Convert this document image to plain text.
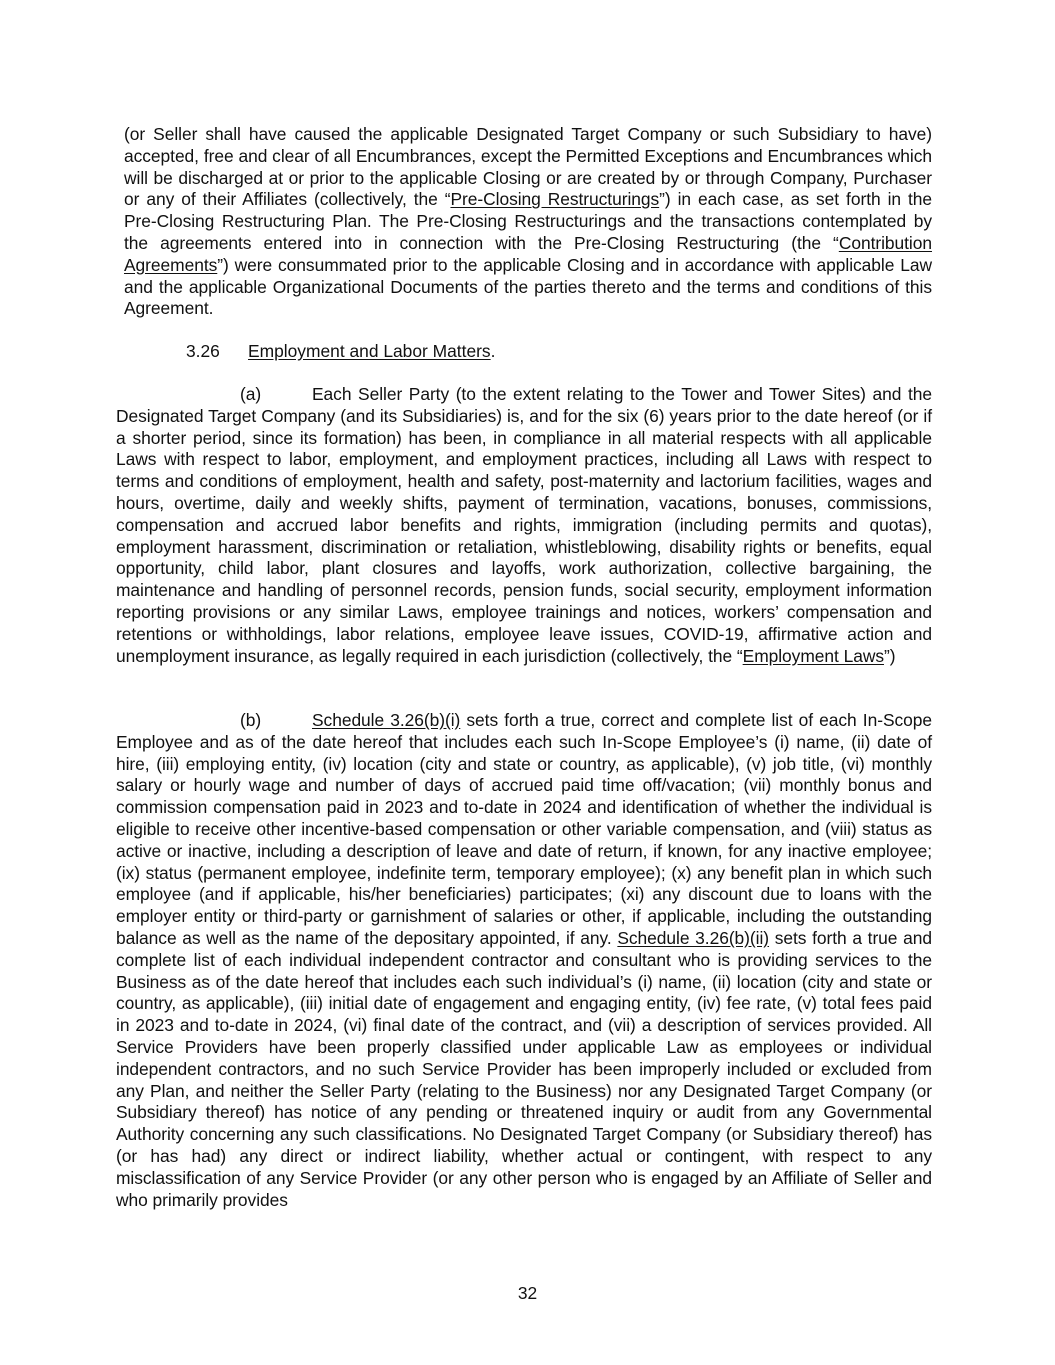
(or Seller shall have caused the applicable Designated Target Company or such Subsidiary to have) accepted, free and clear of all Encumbrances, except the Permitted Exceptions and Encumbrances which will be discharged at or prior to the applicable Closing or are created by or through Company, Purchaser or any of their Affiliates (collectively, the “Pre-Closing Restructurings”) in each case, as set forth in the Pre-Closing Restructuring Plan. The Pre-Closing Restructurings and the transactions contemplated by the agreements entered into in connection with the Pre-Closing Restructuring (the “Contribution Agreements”) were consummated prior to the applicable Closing and in accordance with applicable Law and the applicable Organizational Documents of the parties thereto and the terms and conditions of this Agreement.
3.26 Employment and Labor Matters.
(a)	Each Seller Party (to the extent relating to the Tower and Tower Sites) and the Designated Target Company (and its Subsidiaries) is, and for the six (6) years prior to the date hereof (or if a shorter period, since its formation) has been, in compliance in all material respects with all applicable Laws with respect to labor, employment, and employment practices, including all Laws with respect to terms and conditions of employment, health and safety, post-maternity and lactorium facilities, wages and hours, overtime, daily and weekly shifts, payment of termination, vacations, bonuses, commissions, compensation and accrued labor benefits and rights, immigration (including permits and quotas), employment harassment, discrimination or retaliation, whistleblowing, disability rights or benefits, equal opportunity, child labor, plant closures and layoffs, work authorization, collective bargaining, the maintenance and handling of personnel records, pension funds, social security, employment information reporting provisions or any similar Laws, employee trainings and notices, workers’ compensation and retentions or withholdings, labor relations, employee leave issues, COVID-19, affirmative action and unemployment insurance, as legally required in each jurisdiction (collectively, the “Employment Laws”)
(b)	Schedule 3.26(b)(i) sets forth a true, correct and complete list of each In-Scope Employee and as of the date hereof that includes each such In-Scope Employee’s (i) name, (ii) date of hire, (iii) employing entity, (iv) location (city and state or country, as applicable), (v) job title, (vi) monthly salary or hourly wage and number of days of accrued paid time off/vacation; (vii) monthly bonus and commission compensation paid in 2023 and to-date in 2024 and identification of whether the individual is eligible to receive other incentive-based compensation or other variable compensation, and (viii) status as active or inactive, including a description of leave and date of return, if known, for any inactive employee; (ix) status (permanent employee, indefinite term, temporary employee); (x) any benefit plan in which such employee (and if applicable, his/her beneficiaries) participates; (xi) any discount due to loans with the employer entity or third-party or garnishment of salaries or other, if applicable, including the outstanding balance as well as the name of the depositary appointed, if any. Schedule 3.26(b)(ii) sets forth a true and complete list of each individual independent contractor and consultant who is providing services to the Business as of the date hereof that includes each such individual’s (i) name, (ii) location (city and state or country, as applicable), (iii) initial date of engagement and engaging entity, (iv) fee rate, (v) total fees paid in 2023 and to-date in 2024, (vi) final date of the contract, and (vii) a description of services provided. All Service Providers have been properly classified under applicable Law as employees or individual independent contractors, and no such Service Provider has been improperly included or excluded from any Plan, and neither the Seller Party (relating to the Business) nor any Designated Target Company (or Subsidiary thereof) has notice of any pending or threatened inquiry or audit from any Governmental Authority concerning any such classifications. No Designated Target Company (or Subsidiary thereof) has (or has had) any direct or indirect liability, whether actual or contingent, with respect to any misclassification of any Service Provider (or any other person who is engaged by an Affiliate of Seller and who primarily provides
32
